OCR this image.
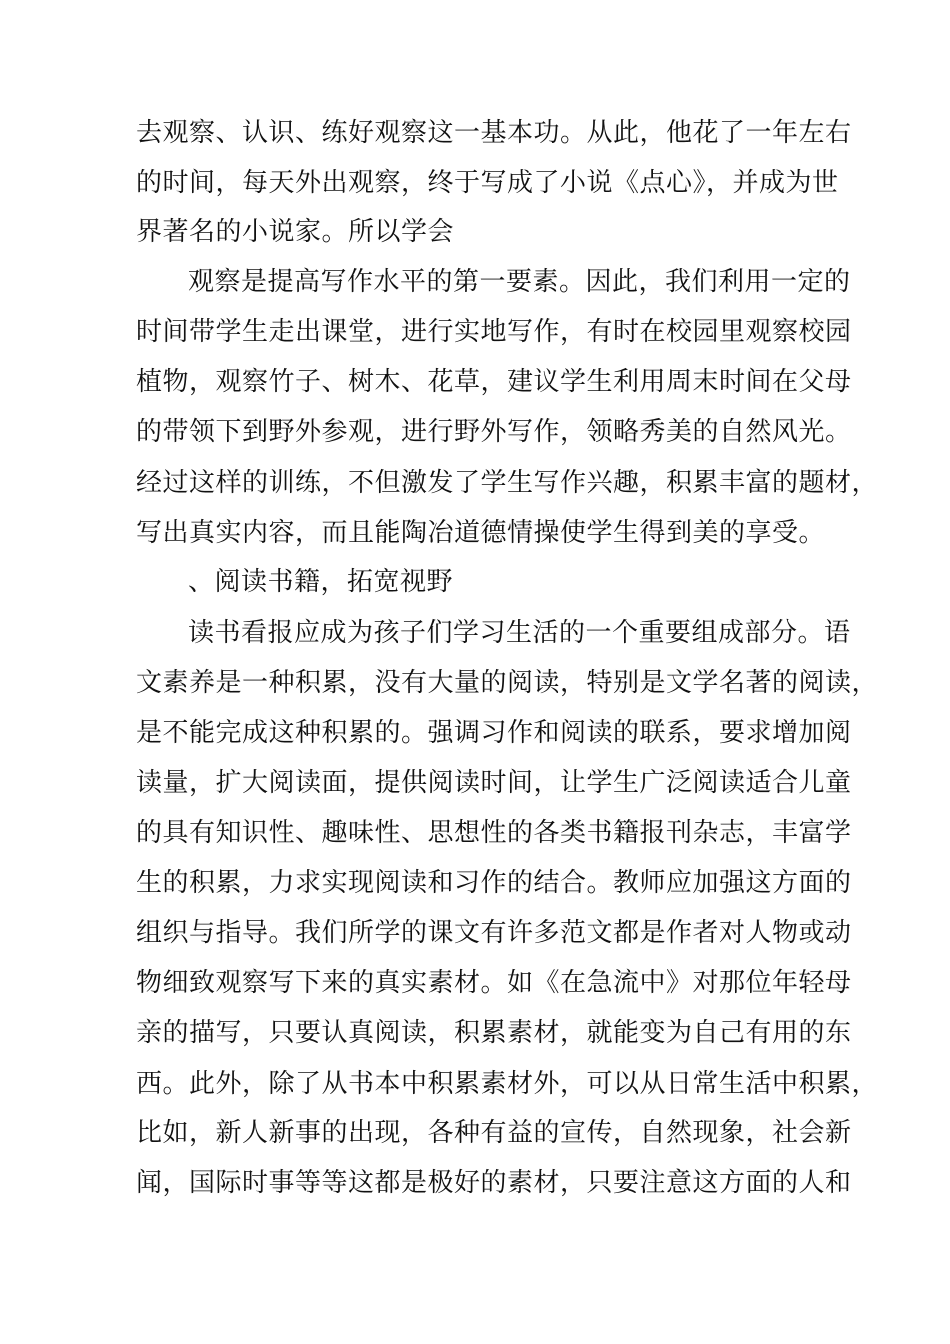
去观察、认识、练好观察这一基本功。从此，他花了一年左右
的时间，每天外出观察，终于写成了小说《点心》，并成为世
界著名的小说家。所以学会
观察是提高写作水平的第一要素。因此，我们利用一定的
时间带学生走出课堂，进行实地写作，有时在校园里观察校园
植物，观察竹子、树木、花草，建议学生利用周末时间在父母
的带领下到野外参观，进行野外写作，领略秀美的自然风光。
经过这样的训练，不但激发了学生写作兴趣，积累丰富的题材，
写出真实内容，而且能陶冶道德情操使学生得到美的享受。
、阅读书籍，拓宽视野
读书看报应成为孩子们学习生活的一个重要组成部分。语
文素养是一种积累，没有大量的阅读，特别是文学名著的阅读，
是不能完成这种积累的。强调习作和阅读的联系，要求增加阅
读量，扩大阅读面，提供阅读时间，让学生广泛阅读适合儿童
的具有知识性、趣味性、思想性的各类书籍报刊杂志，丰富学
生的积累，力求实现阅读和习作的结合。教师应加强这方面的
组织与指导。我们所学的课文有许多范文都是作者对人物或动
物细致观察写下来的真实素材。如《在急流中》对那位年轻母
亲的描写，只要认真阅读，积累素材，就能变为自己有用的东
西。此外，除了从书本中积累素材外，可以从日常生活中积累，
比如，新人新事的出现，各种有益的宣传，自然现象，社会新
闻，国际时事等等这都是极好的素材，只要注意这方面的人和
